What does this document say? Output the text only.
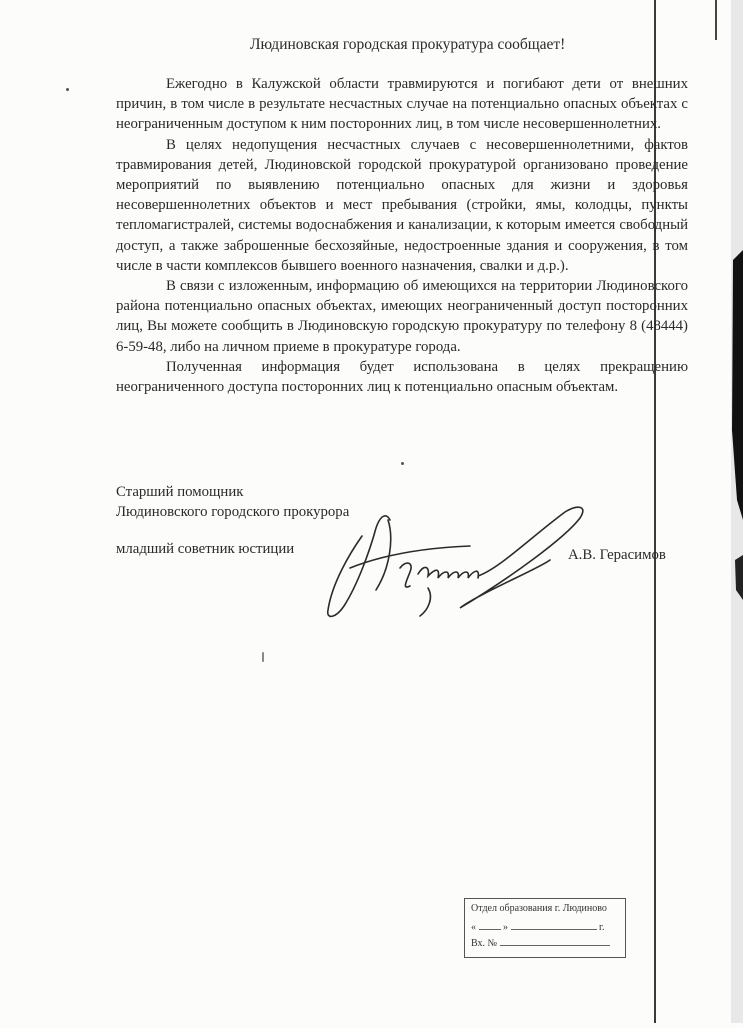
Людиновская городская прокуратура сообщает!

Ежегодно в Калужской области травмируются и погибают дети от внешних причин, в том числе в результате несчастных случае на потенциально опасных объектах с неограниченным доступом к ним посторонних лиц, в том числе несовершеннолетних.

В целях недопущения несчастных случаев с несовершеннолетними, фактов травмирования детей, Людиновской городской прокуратурой организовано проведение мероприятий по выявлению потенциально опасных для жизни и здоровья несовершеннолетних объектов и мест пребывания (стройки, ямы, колодцы, пункты тепломагистралей, системы водоснабжения и канализации, к которым имеется свободный доступ, а также заброшенные бесхозяйные, недостроенные здания и сооружения, в том числе в части комплексов бывшего военного назначения, свалки и д.р.).

В связи с изложенным, информацию об имеющихся на территории Людиновского района потенциально опасных объектах, имеющих неограниченный доступ посторонних лиц, Вы можете сообщить в Людиновскую городскую прокуратуру по телефону 8 (48444) 6-59-48, либо на личном приеме в прокуратуре города.

Полученная информация будет использована в целях прекращению неограниченного доступа посторонних лиц к потенциально опасным объектам.

Старший помощник
Людиновского городского прокурора
младший советник юстиции	А.В. Герасимов
Отдел образования г. Людиново
«	»	г.
Вх. №
